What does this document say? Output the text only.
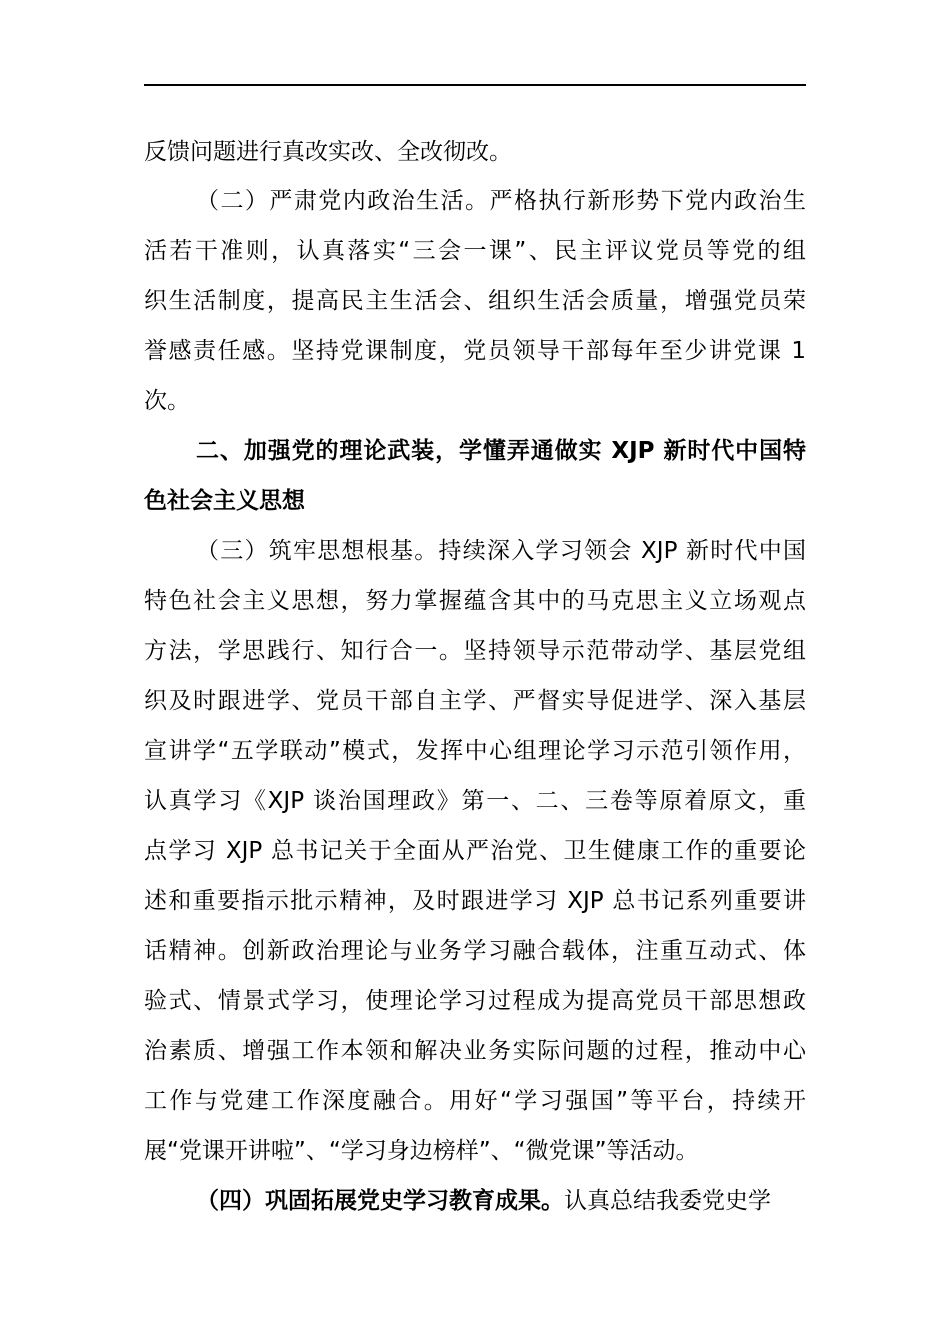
反馈问题进行真改实改、全改彻改。
（二）严肃党内政治生活。严格执行新形势下党内政治生
活若干准则，认真落实“三会一课”、民主评议党员等党的组
织生活制度，提高民主生活会、组织生活会质量，增强党员荣
誉感责任感。坚持党课制度，党员领导干部每年至少讲党课 1
次。
二、加强党的理论武装，学懂弄通做实 XJP 新时代中国特
色社会主义思想
（三）筑牢思想根基。持续深入学习领会 XJP 新时代中国
特色社会主义思想，努力掌握蕴含其中的马克思主义立场观点
方法，学思践行、知行合一。坚持领导示范带动学、基层党组
织及时跟进学、党员干部自主学、严督实导促进学、深入基层
宣讲学“五学联动”模式，发挥中心组理论学习示范引领作用，
认真学习《XJP 谈治国理政》第一、二、三卷等原着原文，重
点学习 XJP 总书记关于全面从严治党、卫生健康工作的重要论
述和重要指示批示精神，及时跟进学习 XJP 总书记系列重要讲
话精神。创新政治理论与业务学习融合载体，注重互动式、体
验式、情景式学习，使理论学习过程成为提高党员干部思想政
治素质、增强工作本领和解决业务实际问题的过程，推动中心
工作与党建工作深度融合。用好“学习强国”等平台，持续开
展“党课开讲啦”、“学习身边榜样”、“微党课”等活动。
（四）巩固拓展党史学习教育成果。认真总结我委党史学
